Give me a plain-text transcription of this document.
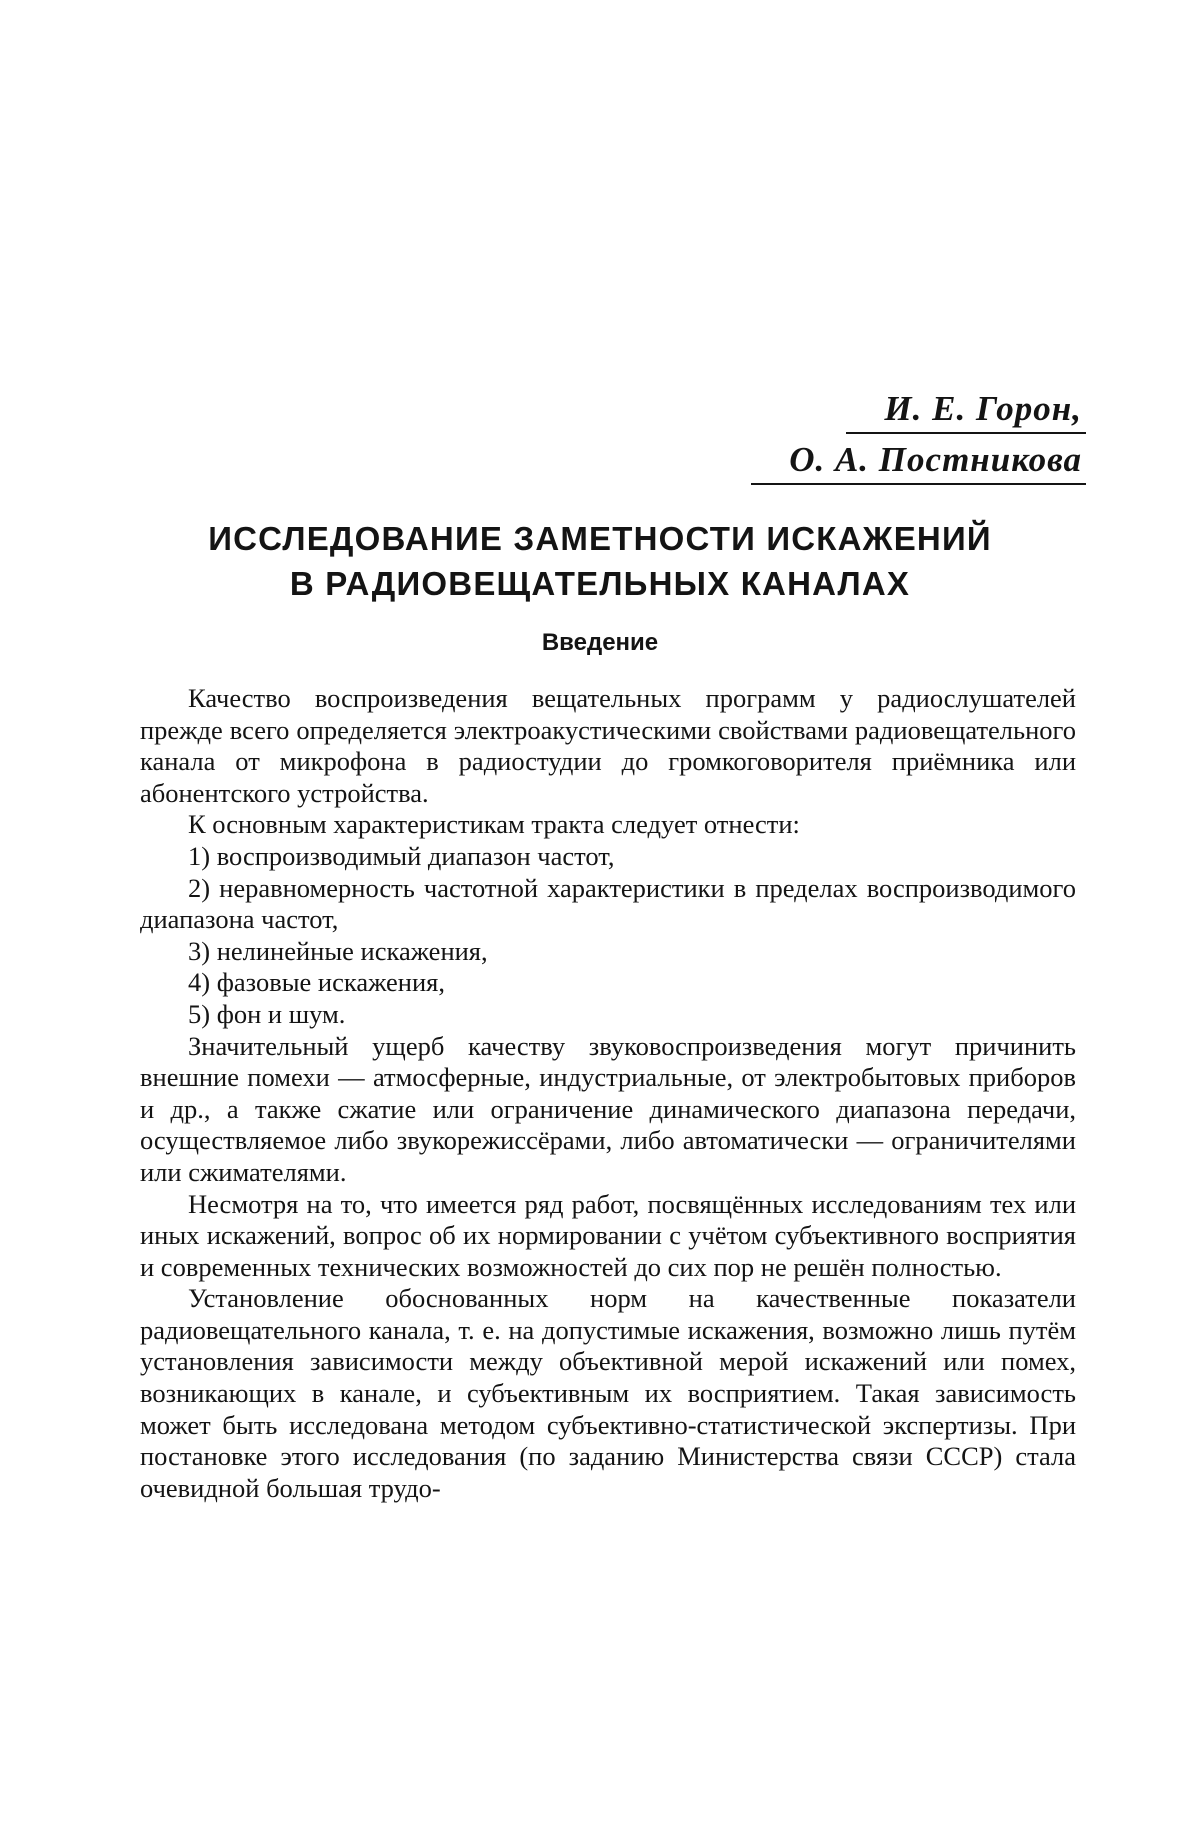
И. Е. Горон,
О. А. Постникова
ИССЛЕДОВАНИЕ ЗАМЕТНОСТИ ИСКАЖЕНИЙ
В РАДИОВЕЩАТЕЛЬНЫХ КАНАЛАХ
Введение

Качество воспроизведения вещательных программ у радиослушателей прежде всего определяется электроакустическими свойствами радиовещательного канала от микрофона в радиостудии до громкоговорителя приёмника или абонентского устройства.

К основным характеристикам тракта следует отнести:

1) воспроизводимый диапазон частот,

2) неравномерность частотной характеристики в пределах воспроизводимого диапазона частот,

3) нелинейные искажения,

4) фазовые искажения,

5) фон и шум.

Значительный ущерб качеству звуковоспроизведения могут причинить внешние помехи — атмосферные, индустриальные, от электробытовых приборов и др., а также сжатие или ограничение динамического диапазона передачи, осуществляемое либо звукорежиссёрами, либо автоматически — ограничителями или сжимателями.

Несмотря на то, что имеется ряд работ, посвящённых исследованиям тех или иных искажений, вопрос об их нормировании с учётом субъективного восприятия и современных технических возможностей до сих пор не решён полностью.

Установление обоснованных норм на качественные показатели радиовещательного канала, т. е. на допустимые искажения, возможно лишь путём установления зависимости между объективной мерой искажений или помех, возникающих в канале, и субъективным их восприятием. Такая зависимость может быть исследована методом субъективно-статистической экспертизы. При постановке этого исследования (по заданию Министерства связи СССР) стала очевидной большая трудо-
